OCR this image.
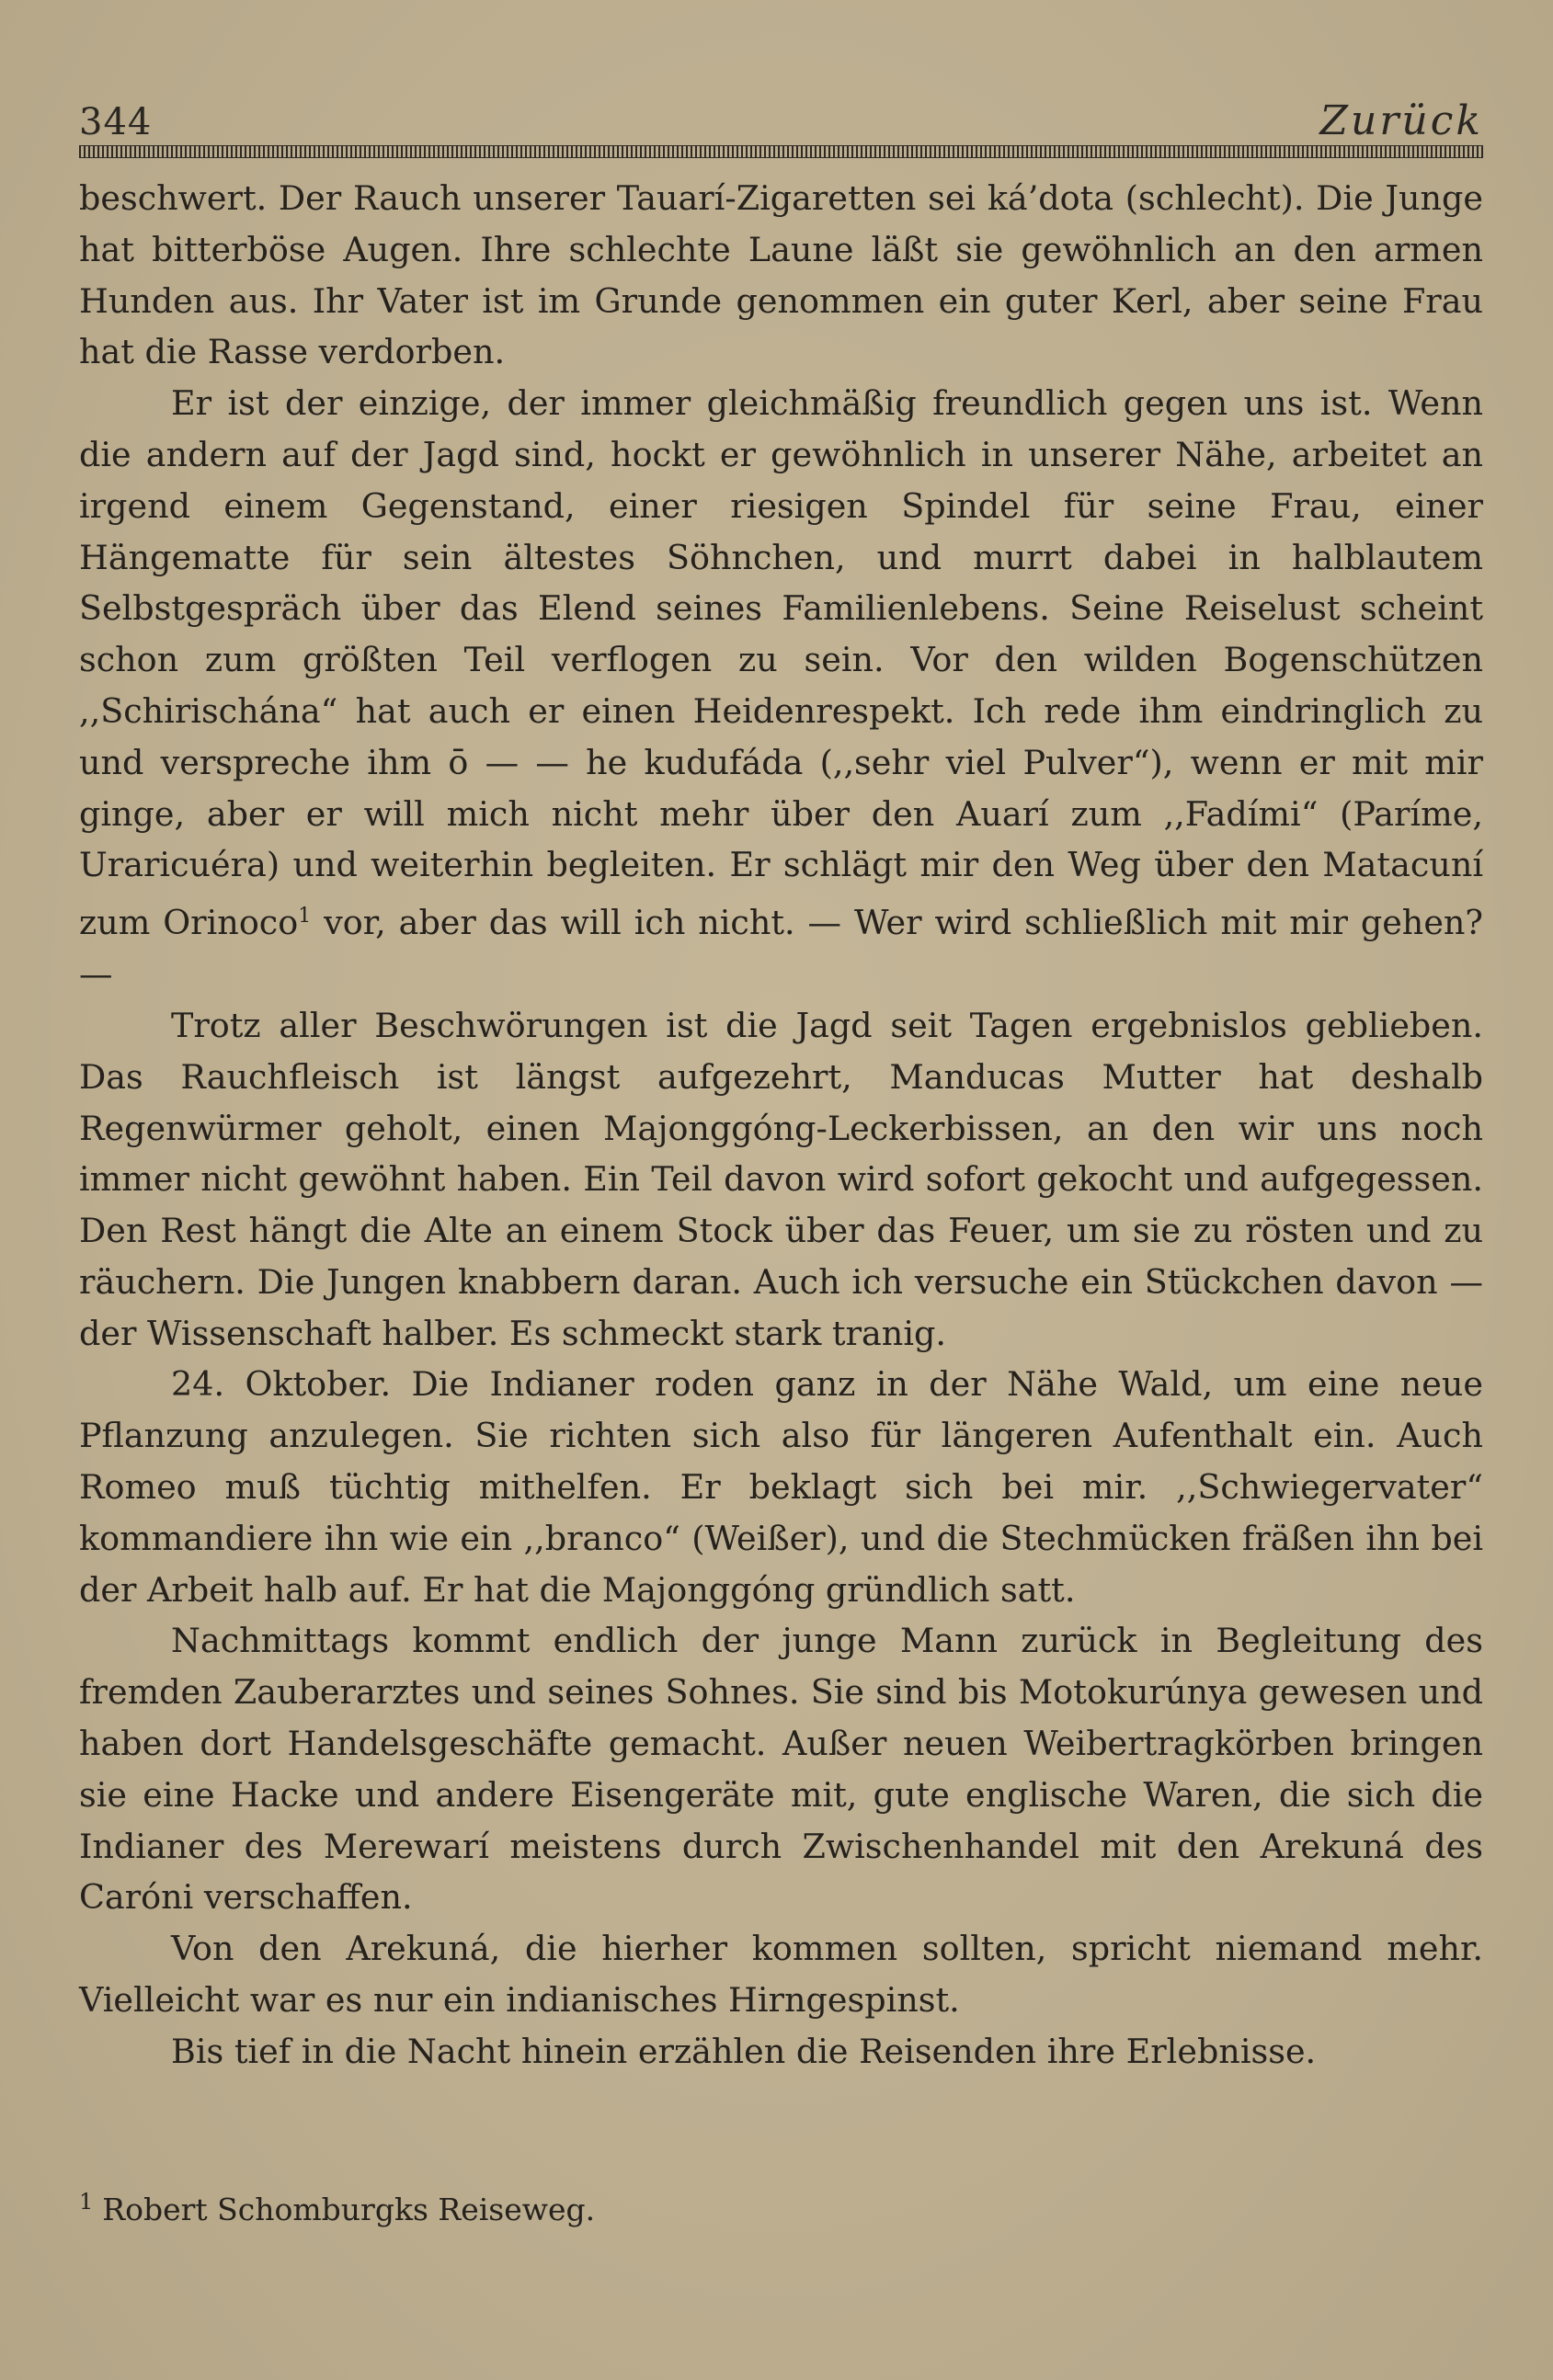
344	Zurück

beschwert. Der Rauch unserer Tauarí-Zigaretten sei ká’dota (schlecht). Die Junge hat bitterböse Augen. Ihre schlechte Laune läßt sie gewöhnlich an den armen Hunden aus. Ihr Vater ist im Grunde genommen ein guter Kerl, aber seine Frau hat die Rasse verdorben.

Er ist der einzige, der immer gleichmäßig freundlich gegen uns ist. Wenn die andern auf der Jagd sind, hockt er gewöhnlich in unserer Nähe, arbeitet an irgend einem Gegenstand, einer riesigen Spindel für seine Frau, einer Hängematte für sein ältestes Söhnchen, und murrt dabei in halblautem Selbstgespräch über das Elend seines Familienlebens. Seine Reiselust scheint schon zum größten Teil verflogen zu sein. Vor den wilden Bogenschützen ,,Schirischána“ hat auch er einen Heidenrespekt. Ich rede ihm eindringlich zu und verspreche ihm ō — — he kudufáda (,,sehr viel Pulver“), wenn er mit mir ginge, aber er will mich nicht mehr über den Auarí zum ,,Fadími“ (Paríme, Uraricuéra) und weiterhin begleiten. Er schlägt mir den Weg über den Matacuní zum Orinoco$^1$ vor, aber das will ich nicht. — Wer wird schließlich mit mir gehen? —

Trotz aller Beschwörungen ist die Jagd seit Tagen ergebnislos geblieben. Das Rauchfleisch ist längst aufgezehrt, Manducas Mutter hat deshalb Regenwürmer geholt, einen Majonggóng-Leckerbissen, an den wir uns noch immer nicht gewöhnt haben. Ein Teil davon wird sofort gekocht und aufgegessen. Den Rest hängt die Alte an einem Stock über das Feuer, um sie zu rösten und zu räuchern. Die Jungen knabbern daran. Auch ich versuche ein Stückchen davon — der Wissenschaft halber. Es schmeckt stark tranig.

24. Oktober. Die Indianer roden ganz in der Nähe Wald, um eine neue Pflanzung anzulegen. Sie richten sich also für längeren Aufenthalt ein. Auch Romeo muß tüchtig mithelfen. Er beklagt sich bei mir. ,,Schwiegervater“ kommandiere ihn wie ein ,,branco“ (Weißer), und die Stechmücken fräßen ihn bei der Arbeit halb auf. Er hat die Majonggóng gründlich satt.

Nachmittags kommt endlich der junge Mann zurück in Begleitung des fremden Zauberarztes und seines Sohnes. Sie sind bis Motokurúnya gewesen und haben dort Handelsgeschäfte gemacht. Außer neuen Weibertragkörben bringen sie eine Hacke und andere Eisengeräte mit, gute englische Waren, die sich die Indianer des Merewarí meistens durch Zwischenhandel mit den Arekuná des Caróni verschaffen.

Von den Arekuná, die hierher kommen sollten, spricht niemand mehr. Vielleicht war es nur ein indianisches Hirngespinst.

Bis tief in die Nacht hinein erzählen die Reisenden ihre Erlebnisse.

$^1$ Robert Schomburgks Reiseweg.
